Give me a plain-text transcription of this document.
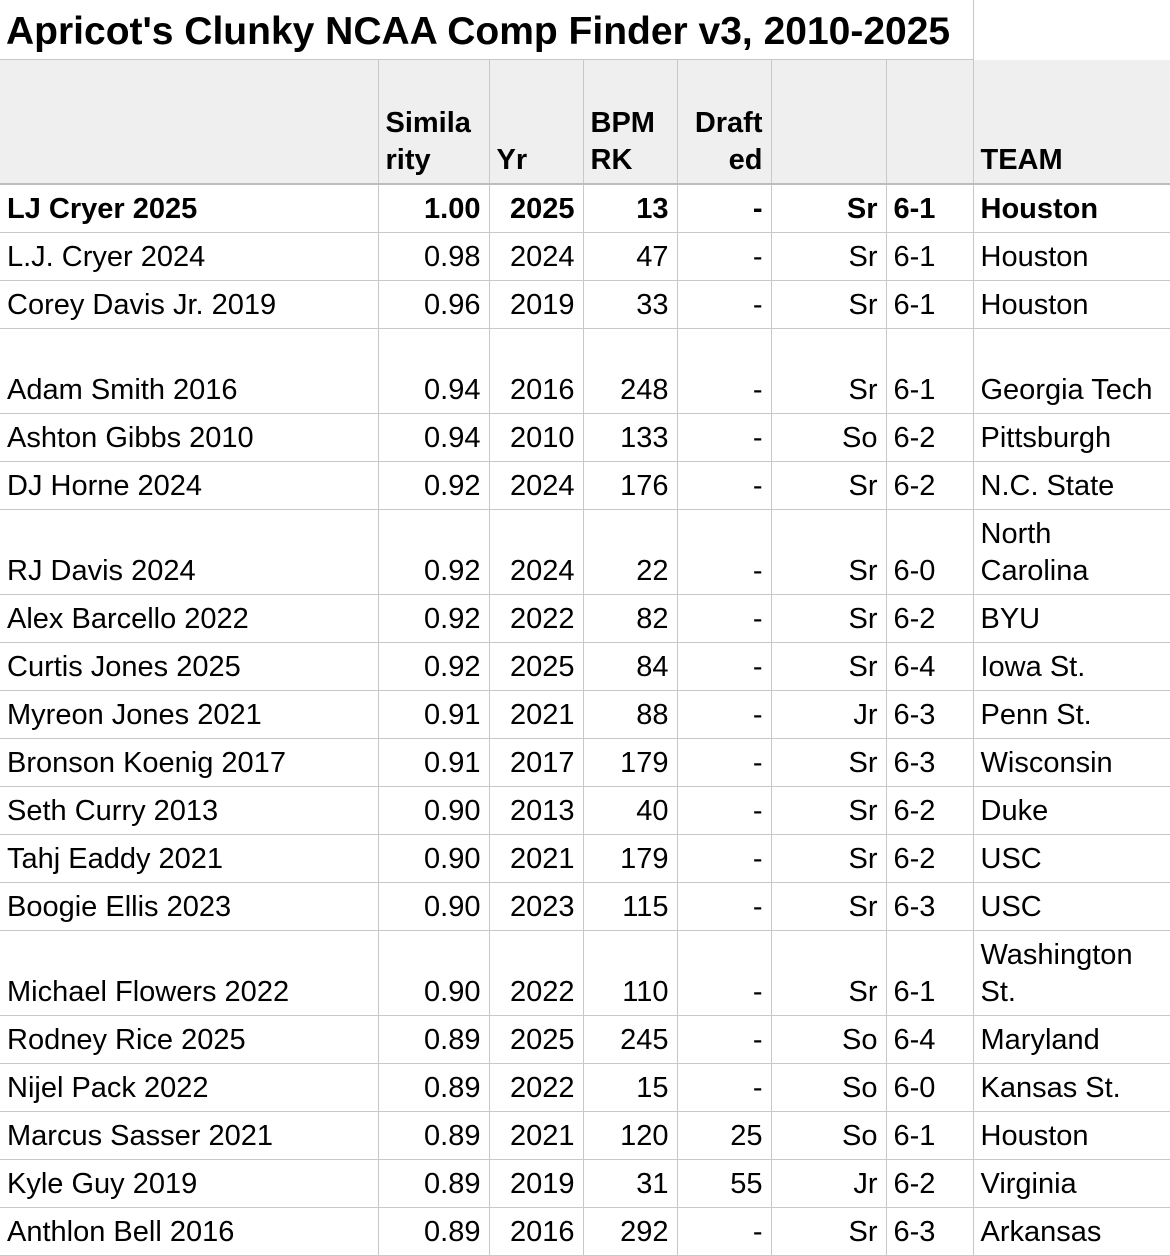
Apricot's Clunky NCAA Comp Finder v3, 2010-2025
	Simila rity	Yr	BPM RK	Draft ed			TEAM
LJ Cryer 2025	1.00	2025	13	-	Sr	6-1	Houston
L.J. Cryer 2024	0.98	2024	47	-	Sr	6-1	Houston
Corey Davis Jr. 2019	0.96	2019	33	-	Sr	6-1	Houston
Adam Smith 2016	0.94	2016	248	-	Sr	6-1	Georgia Tech
Ashton Gibbs 2010	0.94	2010	133	-	So	6-2	Pittsburgh
DJ Horne 2024	0.92	2024	176	-	Sr	6-2	N.C. State
RJ Davis 2024	0.92	2024	22	-	Sr	6-0	North Carolina
Alex Barcello 2022	0.92	2022	82	-	Sr	6-2	BYU
Curtis Jones 2025	0.92	2025	84	-	Sr	6-4	Iowa St.
Myreon Jones 2021	0.91	2021	88	-	Jr	6-3	Penn St.
Bronson Koenig 2017	0.91	2017	179	-	Sr	6-3	Wisconsin
Seth Curry 2013	0.90	2013	40	-	Sr	6-2	Duke
Tahj Eaddy 2021	0.90	2021	179	-	Sr	6-2	USC
Boogie Ellis 2023	0.90	2023	115	-	Sr	6-3	USC
Michael Flowers 2022	0.90	2022	110	-	Sr	6-1	Washington St.
Rodney Rice 2025	0.89	2025	245	-	So	6-4	Maryland
Nijel Pack 2022	0.89	2022	15	-	So	6-0	Kansas St.
Marcus Sasser 2021	0.89	2021	120	25	So	6-1	Houston
Kyle Guy 2019	0.89	2019	31	55	Jr	6-2	Virginia
Anthlon Bell 2016	0.89	2016	292	-	Sr	6-3	Arkansas
